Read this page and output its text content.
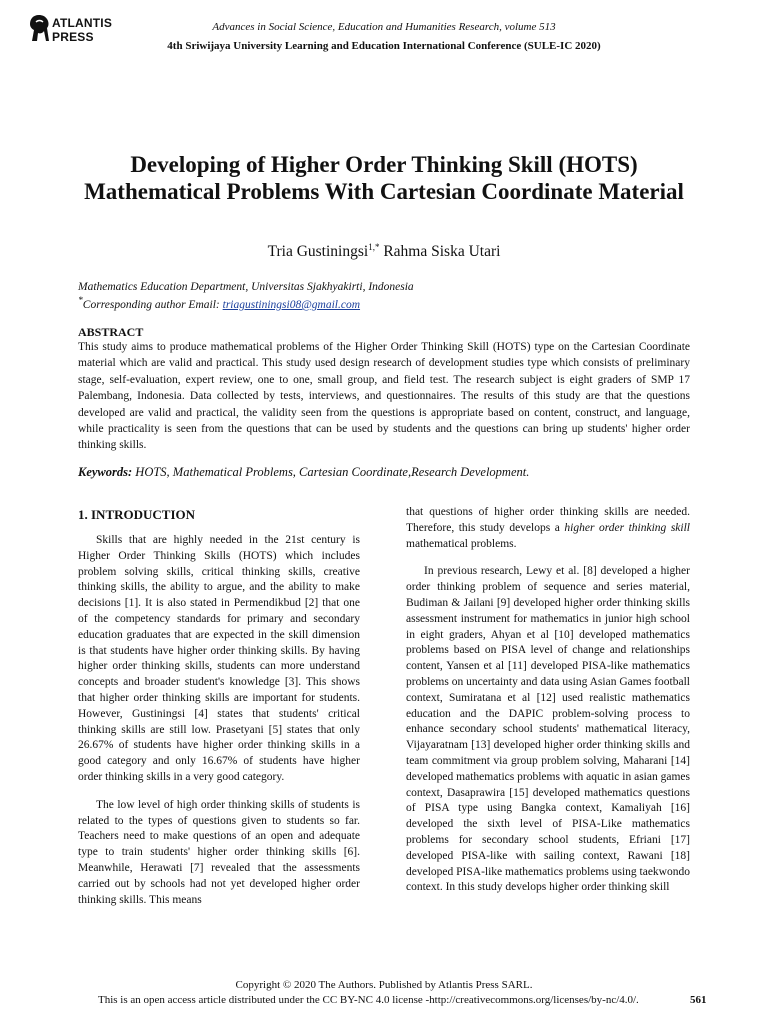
ATLANTIS
PRESS
Advances in Social Science, Education and Humanities Research, volume 513
4th Sriwijaya University Learning and Education International Conference (SULE-IC 2020)
Developing of Higher Order Thinking Skill (HOTS) Mathematical Problems With Cartesian Coordinate Material
Tria Gustiningsi$^{1,*}$ Rahma Siska Utari
Mathematics Education Department, Universitas Sjakhyakirti, Indonesia
*Corresponding author Email: triagustiningsi08@gmail.com
ABSTRACT
This study aims to produce mathematical problems of the Higher Order Thinking Skill (HOTS) type on the Cartesian Coordinate material which are valid and practical. This study used design research of development studies type which consists of preliminary stage, self-evaluation, expert review, one to one, small group, and field test. The research subject is eight graders of SMP 17 Palembang, Indonesia. Data collected by tests, interviews, and questionnaires. The results of this study are that the questions developed are valid and practical, the validity seen from the questions is appropriate based on content, construct, and language, while practicality is seen from the questions that can be used by students and the questions can bring up students' higher order thinking skills.
Keywords: HOTS, Mathematical Problems, Cartesian Coordinate,Research Development.
1. INTRODUCTION

Skills that are highly needed in the 21st century is Higher Order Thinking Skills (HOTS) which includes problem solving skills, critical thinking skills, creative thinking skills, the ability to argue, and the ability to make decisions [1]. It is also stated in Permendikbud [2] that one of the competency standards for primary and secondary education graduates that are expected in the skill dimension is that students have higher order thinking skills. By having higher order thinking skills, students can more understand concepts and broader student's knowledge [3]. This shows that higher order thinking skills are important for students. However, Gustiningsi [4] states that students' critical thinking skills are still low. Prasetyani [5] states that only 26.67% of students have higher order thinking skills in a good category and only 16.67% of students have higher order thinking skills in a very good category.

The low level of high order thinking skills of students is related to the types of questions given to students so far. Teachers need to make questions of an open and adequate type to train students' higher order thinking skills [6]. Meanwhile, Herawati [7] revealed that the assessments carried out by schools had not yet developed higher order thinking skills. This means

that questions of higher order thinking skills are needed. Therefore, this study develops a higher order thinking skill mathematical problems.

In previous research, Lewy et al. [8] developed a higher order thinking problem of sequence and series material, Budiman & Jailani [9] developed higher order thinking skills assessment instrument for mathematics in junior high school in eight graders, Ahyan et al [10] developed mathematics problems based on PISA level of change and relationships content, Yansen et al [11] developed PISA-like mathematics problems on uncertainty and data using Asian Games football context, Sumiratana et al [12] used realistic mathematics education and the DAPIC problem-solving process to enhance secondary school students' mathematical literacy, Vijayaratnam [13] developed higher order thinking skills and team commitment via group problem solving, Maharani [14] developed mathematics problems with aquatic in asian games context, Dasaprawira [15] developed mathematics questions of PISA type using Bangka context, Kamaliyah [16] developed the sixth level of PISA-Like mathematics problems for secondary school students, Efriani [17] developed PISA-like with sailing context, Rawani [18] developed PISA-like mathematics problems using taekwondo context. In this study develops higher order thinking skill

Copyright © 2020 The Authors. Published by Atlantis Press SARL.
This is an open access article distributed under the CC BY-NC 4.0 license -http://creativecommons.org/licenses/by-nc/4.0/.	561
